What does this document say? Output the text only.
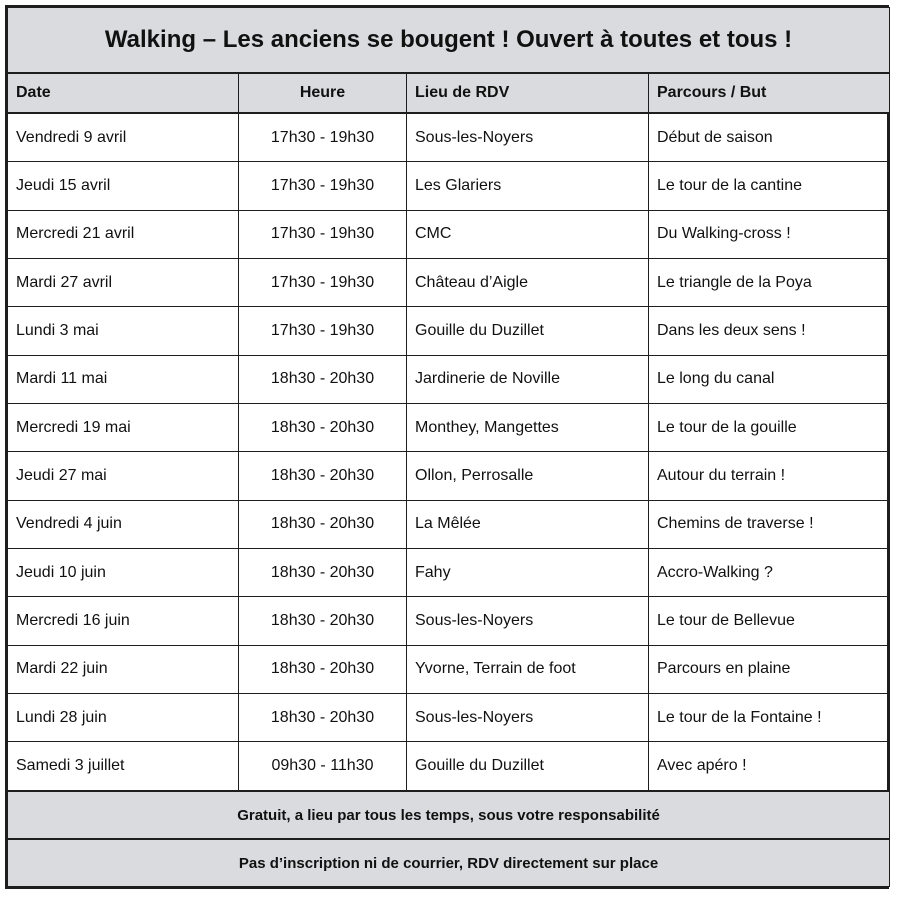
Walking – Les anciens se bougent ! Ouvert à toutes et tous !			
Date	Heure	Lieu de RDV	Parcours / But
Vendredi 9 avril	17h30 - 19h30	Sous-les-Noyers	Début de saison
Jeudi 15 avril	17h30 - 19h30	Les Glariers	Le tour de la cantine
Mercredi 21 avril	17h30 - 19h30	CMC	Du Walking-cross !
Mardi 27 avril	17h30 - 19h30	Château d’Aigle	Le triangle de la Poya
Lundi 3 mai	17h30 - 19h30	Gouille du Duzillet	Dans les deux sens !
Mardi 11 mai	18h30 - 20h30	Jardinerie de Noville	Le long du canal
Mercredi 19 mai	18h30 - 20h30	Monthey, Mangettes	Le tour de la gouille
Jeudi 27 mai	18h30 - 20h30	Ollon, Perrosalle	Autour du terrain !
Vendredi 4 juin	18h30 - 20h30	La Mêlée	Chemins de traverse !
Jeudi 10 juin	18h30 - 20h30	Fahy	Accro-Walking ?
Mercredi 16 juin	18h30 - 20h30	Sous-les-Noyers	Le tour de Bellevue
Mardi 22 juin	18h30 - 20h30	Yvorne, Terrain de foot	Parcours en plaine
Lundi 28 juin	18h30 - 20h30	Sous-les-Noyers	Le tour de la Fontaine !
Samedi 3 juillet	09h30 - 11h30	Gouille du Duzillet	Avec apéro !
Gratuit, a lieu par tous les temps, sous votre responsabilité			
Pas d’inscription ni de courrier, RDV directement sur place			
